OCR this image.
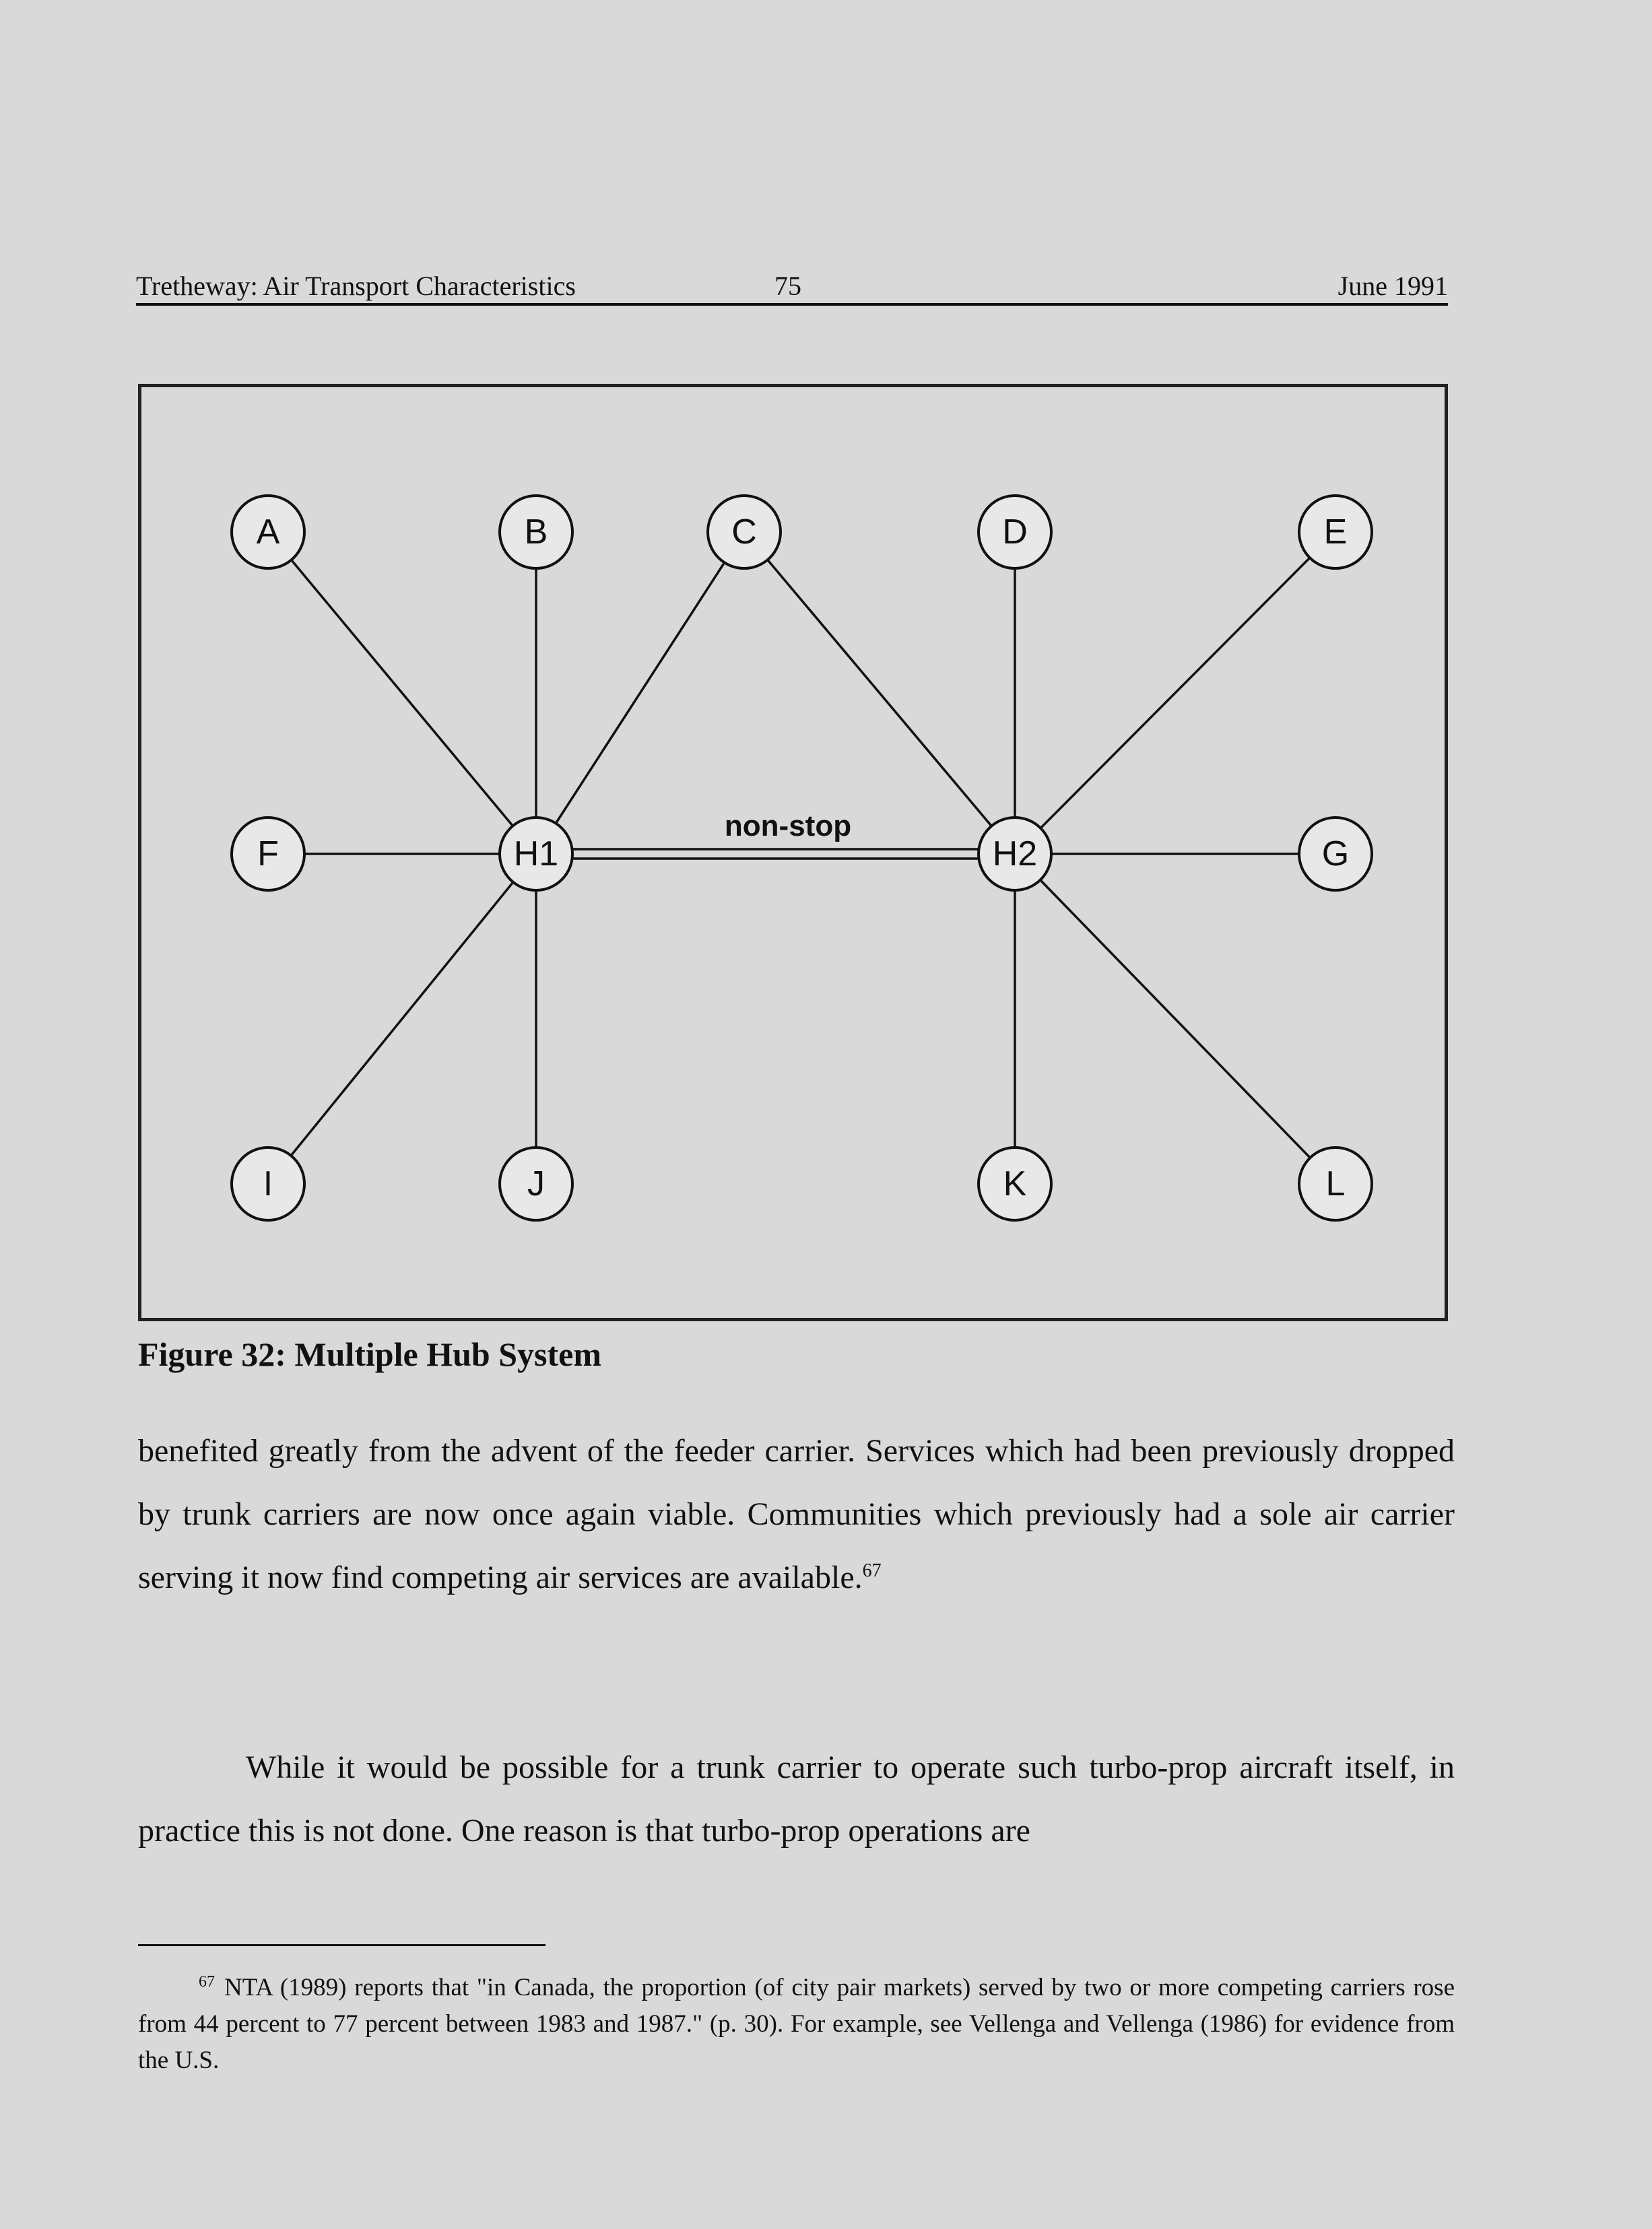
Tretheway: Air Transport Characteristics	75	June 1991
non-stop
A	B	C	D	E
F	H1	H2	G
I	J	K	L
Figure 32: Multiple Hub System
benefited greatly from the advent of the feeder carrier. Services which had been previously dropped by trunk carriers are now once again viable. Communities which previously had a sole air carrier serving it now find competing air services are available.$^{67}$
While it would be possible for a trunk carrier to operate such turbo-prop aircraft itself, in practice this is not done. One reason is that turbo-prop operations are
$^{67}$ NTA (1989) reports that "in Canada, the proportion (of city pair markets) served by two or more competing carriers rose from 44 percent to 77 percent between 1983 and 1987." (p. 30). For example, see Vellenga and Vellenga (1986) for evidence from the U.S.
